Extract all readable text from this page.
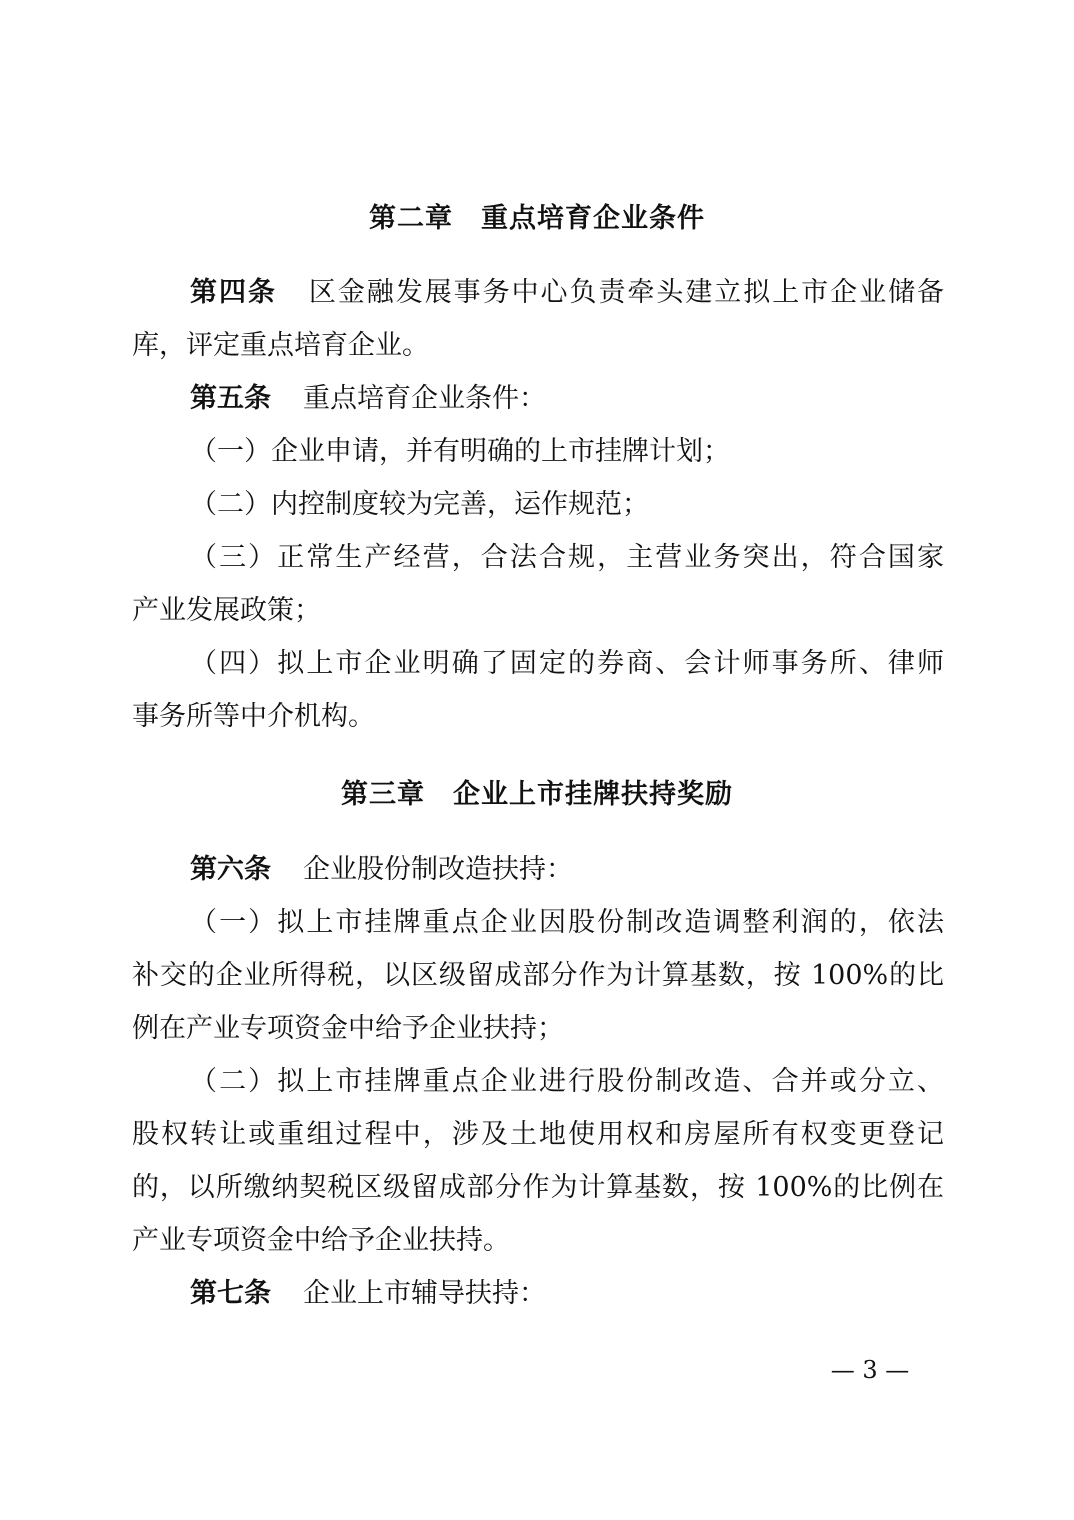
第二章　重点培育企业条件
第四条 区金融发展事务中心负责牵头建立拟上市企业储备
库，评定重点培育企业。
第五条 重点培育企业条件：
（一）企业申请，并有明确的上市挂牌计划；
（二）内控制度较为完善，运作规范；
（三）正常生产经营，合法合规，主营业务突出，符合国家
产业发展政策；
（四）拟上市企业明确了固定的券商、会计师事务所、律师
事务所等中介机构。
第三章　企业上市挂牌扶持奖励
第六条 企业股份制改造扶持：
（一）拟上市挂牌重点企业因股份制改造调整利润的，依法
补交的企业所得税，以区级留成部分作为计算基数，按 100%的比
例在产业专项资金中给予企业扶持；
（二）拟上市挂牌重点企业进行股份制改造、合并或分立、
股权转让或重组过程中，涉及土地使用权和房屋所有权变更登记
的，以所缴纳契税区级留成部分作为计算基数，按 100%的比例在
产业专项资金中给予企业扶持。
第七条 企业上市辅导扶持：
— 3 —
